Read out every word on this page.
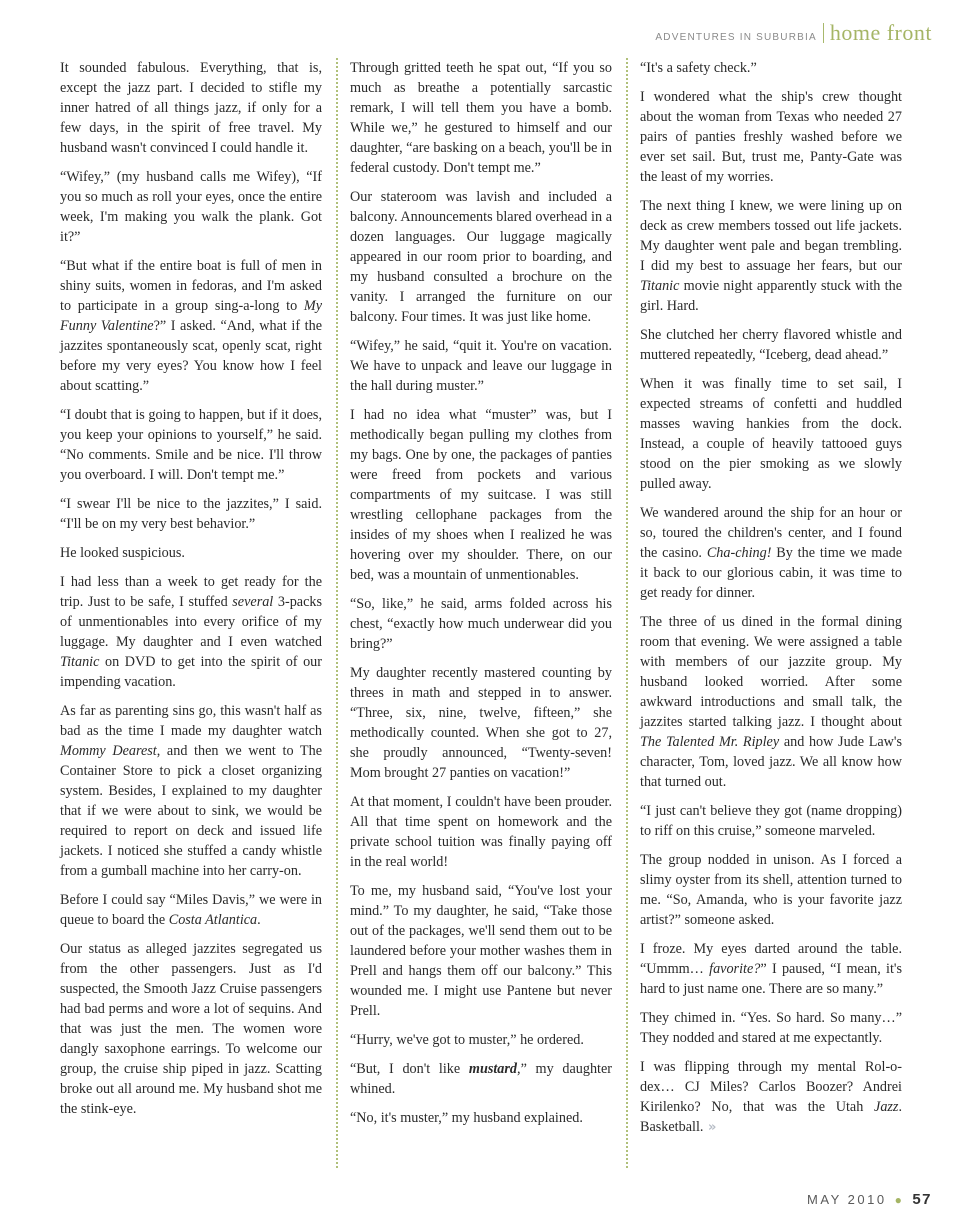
ADVENTURES IN SUBURBIA home front

It sounded fabulous. Everything, that is, except the jazz part. I decided to stifle my inner hatred of all things jazz, if only for a few days, in the spirit of free travel. My husband wasn't convinced I could handle it.

“Wifey,” (my husband calls me Wifey), “If you so much as roll your eyes, once the entire week, I'm making you walk the plank. Got it?”

“But what if the entire boat is full of men in shiny suits, women in fedoras, and I'm asked to participate in a group sing-a-long to My Funny Valentine?” I asked. “And, what if the jazzites spontaneously scat, openly scat, right before my very eyes? You know how I feel about scatting.”

“I doubt that is going to happen, but if it does, you keep your opinions to yourself,” he said. “No comments. Smile and be nice. I'll throw you overboard. I will. Don't tempt me.”

“I swear I'll be nice to the jazzites,” I said. “I'll be on my very best behavior.”

He looked suspicious.

I had less than a week to get ready for the trip. Just to be safe, I stuffed several 3-packs of unmentionables into every orifice of my luggage. My daughter and I even watched Titanic on DVD to get into the spirit of our impending vacation.

As far as parenting sins go, this wasn't half as bad as the time I made my daughter watch Mommy Dearest, and then we went to The Container Store to pick a closet organizing system. Besides, I explained to my daughter that if we were about to sink, we would be required to report on deck and issued life jackets. I noticed she stuffed a candy whistle from a gumball machine into her carry-on.

Before I could say “Miles Davis,” we were in queue to board the Costa Atlantica.

Our status as alleged jazzites segregated us from the other passengers. Just as I'd suspected, the Smooth Jazz Cruise passengers had bad perms and wore a lot of sequins. And that was just the men. The women wore dangly saxophone earrings. To welcome our group, the cruise ship piped in jazz. Scatting broke out all around me. My husband shot me the stink-eye.

Through gritted teeth he spat out, “If you so much as breathe a potentially sarcastic remark, I will tell them you have a bomb. While we,” he gestured to himself and our daughter, “are basking on a beach, you'll be in federal custody. Don't tempt me.”

Our stateroom was lavish and included a balcony. Announcements blared overhead in a dozen languages. Our luggage magically appeared in our room prior to boarding, and my husband consulted a brochure on the vanity. I arranged the furniture on our balcony. Four times. It was just like home.

“Wifey,” he said, “quit it. You're on vacation. We have to unpack and leave our luggage in the hall during muster.”

I had no idea what “muster” was, but I methodically began pulling my clothes from my bags. One by one, the packages of panties were freed from pockets and various compartments of my suitcase. I was still wrestling cellophane packages from the insides of my shoes when I realized he was hovering over my shoulder. There, on our bed, was a mountain of unmentionables.

“So, like,” he said, arms folded across his chest, “exactly how much underwear did you bring?”

My daughter recently mastered counting by threes in math and stepped in to answer. “Three, six, nine, twelve, fifteen,” she methodically counted. When she got to 27, she proudly announced, “Twenty-seven! Mom brought 27 panties on vacation!”

At that moment, I couldn't have been prouder. All that time spent on homework and the private school tuition was finally paying off in the real world!

To me, my husband said, “You've lost your mind.” To my daughter, he said, “Take those out of the packages, we'll send them out to be laundered before your mother washes them in Prell and hangs them off our balcony.” This wounded me. I might use Pantene but never Prell.

“Hurry, we've got to muster,” he ordered.

“But, I don't like mustard,” my daughter whined.

“No, it's muster,” my husband explained.

“It's a safety check.”

I wondered what the ship's crew thought about the woman from Texas who needed 27 pairs of panties freshly washed before we ever set sail. But, trust me, Panty-Gate was the least of my worries.

The next thing I knew, we were lining up on deck as crew members tossed out life jackets. My daughter went pale and began trembling. I did my best to assuage her fears, but our Titanic movie night apparently stuck with the girl. Hard.

She clutched her cherry flavored whistle and muttered repeatedly, “Iceberg, dead ahead.”

When it was finally time to set sail, I expected streams of confetti and huddled masses waving hankies from the dock. Instead, a couple of heavily tattooed guys stood on the pier smoking as we slowly pulled away.

We wandered around the ship for an hour or so, toured the children's center, and I found the casino. Cha-ching! By the time we made it back to our glorious cabin, it was time to get ready for dinner.

The three of us dined in the formal dining room that evening. We were assigned a table with members of our jazzite group. My husband looked worried. After some awkward introductions and small talk, the jazzites started talking jazz. I thought about The Talented Mr. Ripley and how Jude Law's character, Tom, loved jazz. We all know how that turned out.

“I just can't believe they got (name dropping) to riff on this cruise,” someone marveled.

The group nodded in unison. As I forced a slimy oyster from its shell, attention turned to me. “So, Amanda, who is your favorite jazz artist?” someone asked.

I froze. My eyes darted around the table. “Ummm… favorite?” I paused, “I mean, it's hard to just name one. There are so many.”

They chimed in. “Yes. So hard. So many…” They nodded and stared at me expectantly.

I was flipping through my mental Rol-o-dex… CJ Miles? Carlos Boozer? Andrei Kirilenko? No, that was the Utah Jazz. Basketball. »

MAY 2010 ● 57
